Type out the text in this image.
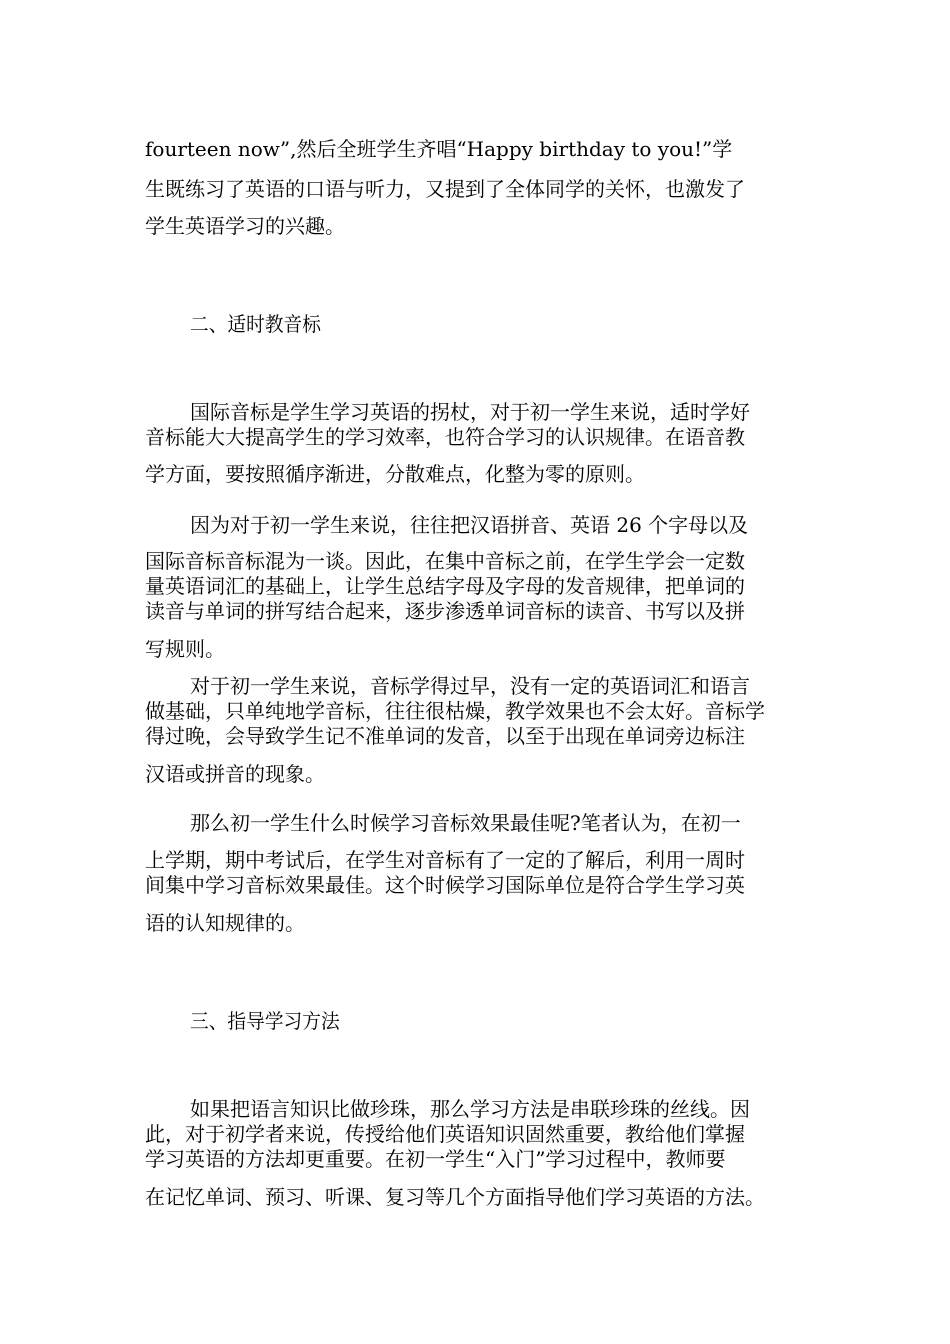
fourteen now”,然后全班学生齐唱“Happy birthday to you!”学
生既练习了英语的口语与听力，又提到了全体同学的关怀，也激发了
学生英语学习的兴趣。
二、适时教音标
国际音标是学生学习英语的拐杖，对于初一学生来说，适时学好
音标能大大提高学生的学习效率，也符合学习的认识规律。在语音教
学方面，要按照循序渐进，分散难点，化整为零的原则。
因为对于初一学生来说，往往把汉语拼音、英语 26 个字母以及
国际音标音标混为一谈。因此，在集中音标之前，在学生学会一定数
量英语词汇的基础上，让学生总结字母及字母的发音规律，把单词的
读音与单词的拼写结合起来，逐步渗透单词音标的读音、书写以及拼
写规则。
对于初一学生来说，音标学得过早，没有一定的英语词汇和语言
做基础，只单纯地学音标，往往很枯燥，教学效果也不会太好。音标学
得过晚，会导致学生记不准单词的发音，以至于出现在单词旁边标注
汉语或拼音的现象。
那么初一学生什么时候学习音标效果最佳呢?笔者认为，在初一
上学期，期中考试后，在学生对音标有了一定的了解后，利用一周时
间集中学习音标效果最佳。这个时候学习国际单位是符合学生学习英
语的认知规律的。
三、指导学习方法
如果把语言知识比做珍珠，那么学习方法是串联珍珠的丝线。因
此，对于初学者来说，传授给他们英语知识固然重要，教给他们掌握
学习英语的方法却更重要。在初一学生“入门”学习过程中，教师要
在记忆单词、预习、听课、复习等几个方面指导他们学习英语的方法。
